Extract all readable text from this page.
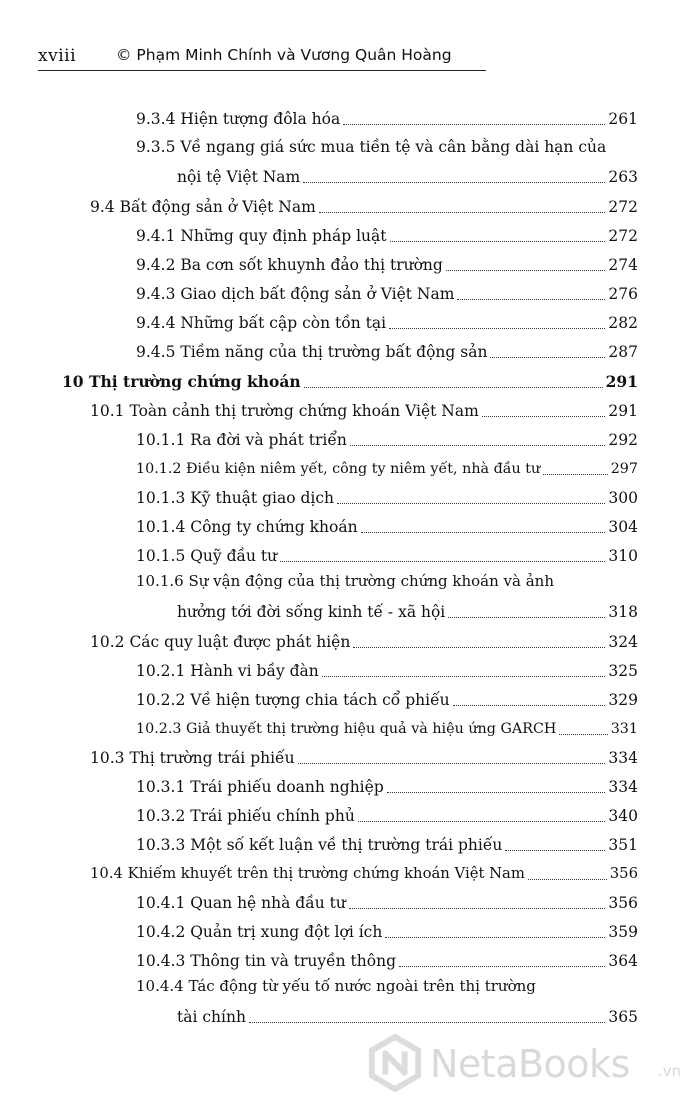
xviii	© Phạm Minh Chính và Vương Quân Hoàng
9.3.4 Hiện tượng đôla hóa	261
9.3.5 Về ngang giá sức mua tiền tệ và cân bằng dài hạn của
nội tệ Việt Nam	263
9.4 Bất động sản ở Việt Nam	272
9.4.1 Những quy định pháp luật	272
9.4.2 Ba cơn sốt khuynh đảo thị trường	274
9.4.3 Giao dịch bất động sản ở Việt Nam	276
9.4.4 Những bất cập còn tồn tại	282
9.4.5 Tiềm năng của thị trường bất động sản	287
10 Thị trường chứng khoán	291
10.1 Toàn cảnh thị trường chứng khoán Việt Nam	291
10.1.1 Ra đời và phát triển	292
10.1.2 Điều kiện niêm yết, công ty niêm yết, nhà đầu tư	297
10.1.3 Kỹ thuật giao dịch	300
10.1.4 Công ty chứng khoán	304
10.1.5 Quỹ đầu tư	310
10.1.6 Sự vận động của thị trường chứng khoán và ảnh
hưởng tới đời sống kinh tế - xã hội	318
10.2 Các quy luật được phát hiện	324
10.2.1 Hành vi bầy đàn	325
10.2.2 Về hiện tượng chia tách cổ phiếu	329
10.2.3 Giả thuyết thị trường hiệu quả và hiệu ứng GARCH	331
10.3 Thị trường trái phiếu	334
10.3.1 Trái phiếu doanh nghiệp	334
10.3.2 Trái phiếu chính phủ	340
10.3.3 Một số kết luận về thị trường trái phiếu	351
10.4 Khiếm khuyết trên thị trường chứng khoán Việt Nam	356
10.4.1 Quan hệ nhà đầu tư	356
10.4.2 Quản trị xung đột lợi ích	359
10.4.3 Thông tin và truyền thông	364
10.4.4 Tác động từ yếu tố nước ngoài trên thị trường
tài chính	365
NetaBooks .vn
